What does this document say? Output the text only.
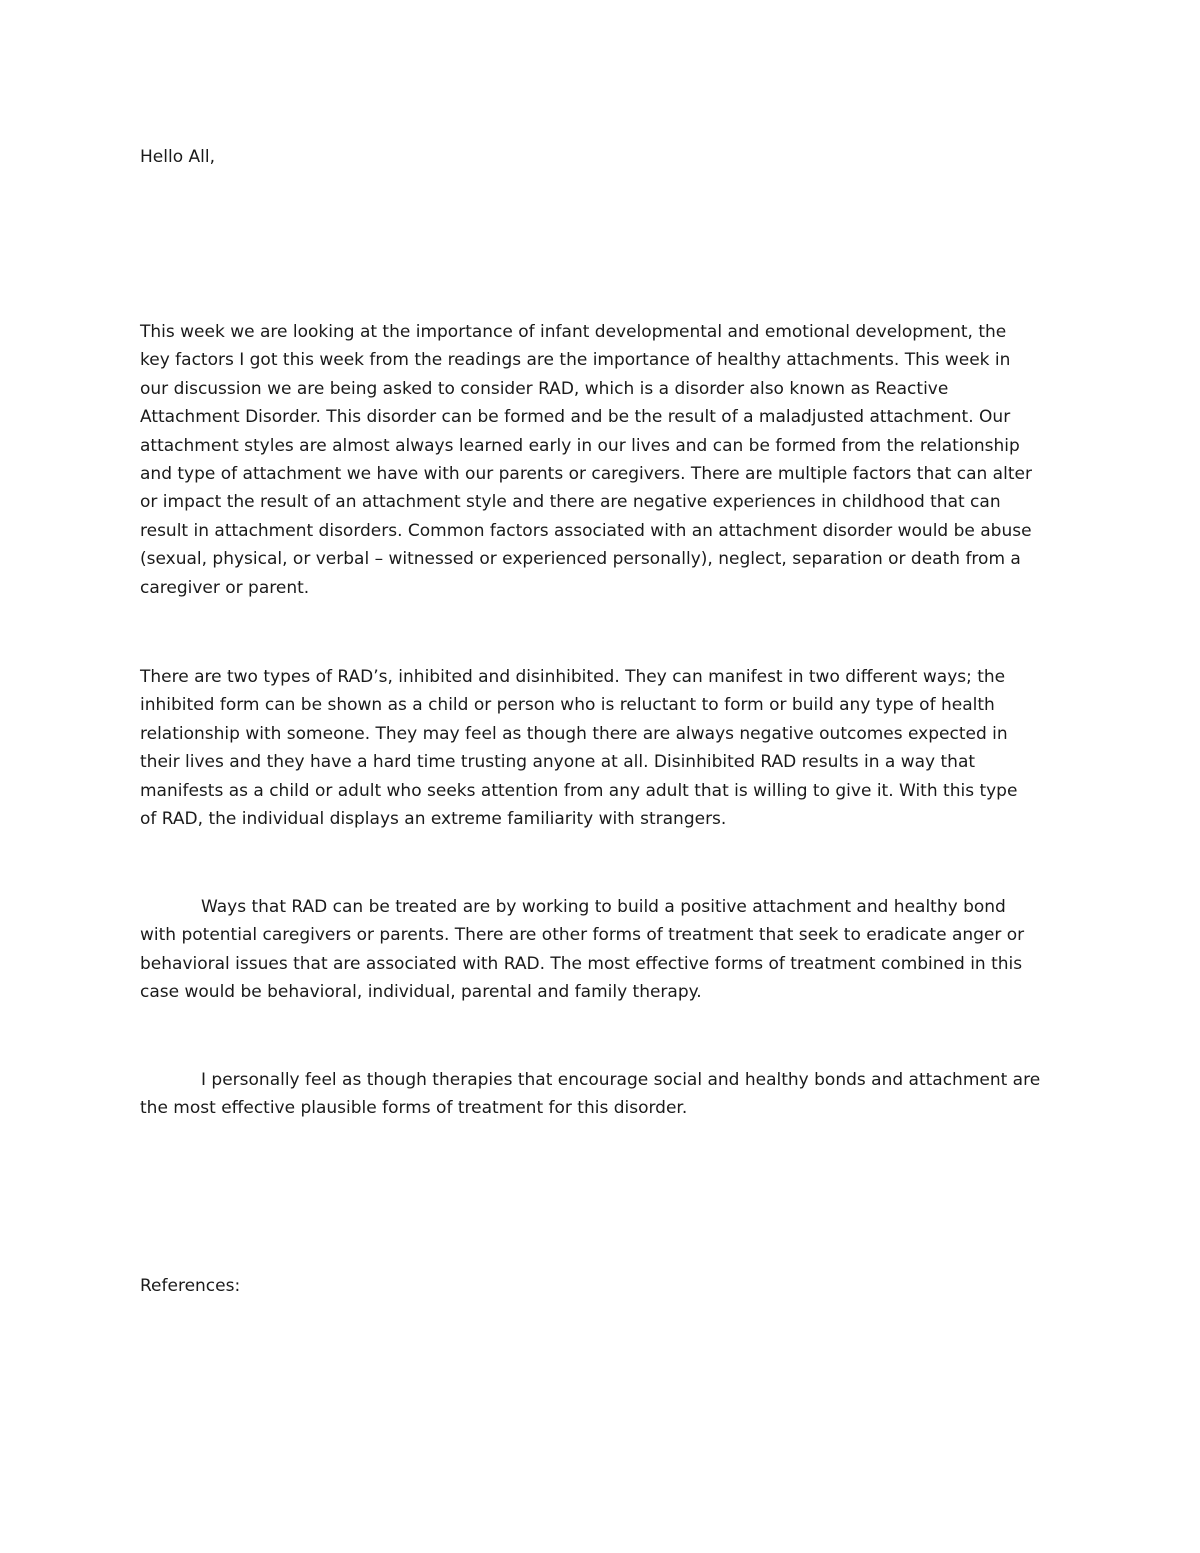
Hello All,

This week we are looking at the importance of infant developmental and emotional development, the
key factors I got this week from the readings are the importance of healthy attachments. This week in
our discussion we are being asked to consider RAD, which is a disorder also known as Reactive
Attachment Disorder. This disorder can be formed and be the result of a maladjusted attachment. Our
attachment styles are almost always learned early in our lives and can be formed from the relationship
and type of attachment we have with our parents or caregivers. There are multiple factors that can alter
or impact the result of an attachment style and there are negative experiences in childhood that can
result in attachment disorders. Common factors associated with an attachment disorder would be abuse
(sexual, physical, or verbal – witnessed or experienced personally), neglect, separation or death from a
caregiver or parent.

There are two types of RAD’s, inhibited and disinhibited. They can manifest in two different ways; the
inhibited form can be shown as a child or person who is reluctant to form or build any type of health
relationship with someone. They may feel as though there are always negative outcomes expected in
their lives and they have a hard time trusting anyone at all. Disinhibited RAD results in a way that
manifests as a child or adult who seeks attention from any adult that is willing to give it. With this type
of RAD, the individual displays an extreme familiarity with strangers.

Ways that RAD can be treated are by working to build a positive attachment and healthy bond
with potential caregivers or parents. There are other forms of treatment that seek to eradicate anger or
behavioral issues that are associated with RAD. The most effective forms of treatment combined in this
case would be behavioral, individual, parental and family therapy.

I personally feel as though therapies that encourage social and healthy bonds and attachment are
the most effective plausible forms of treatment for this disorder.

References:
